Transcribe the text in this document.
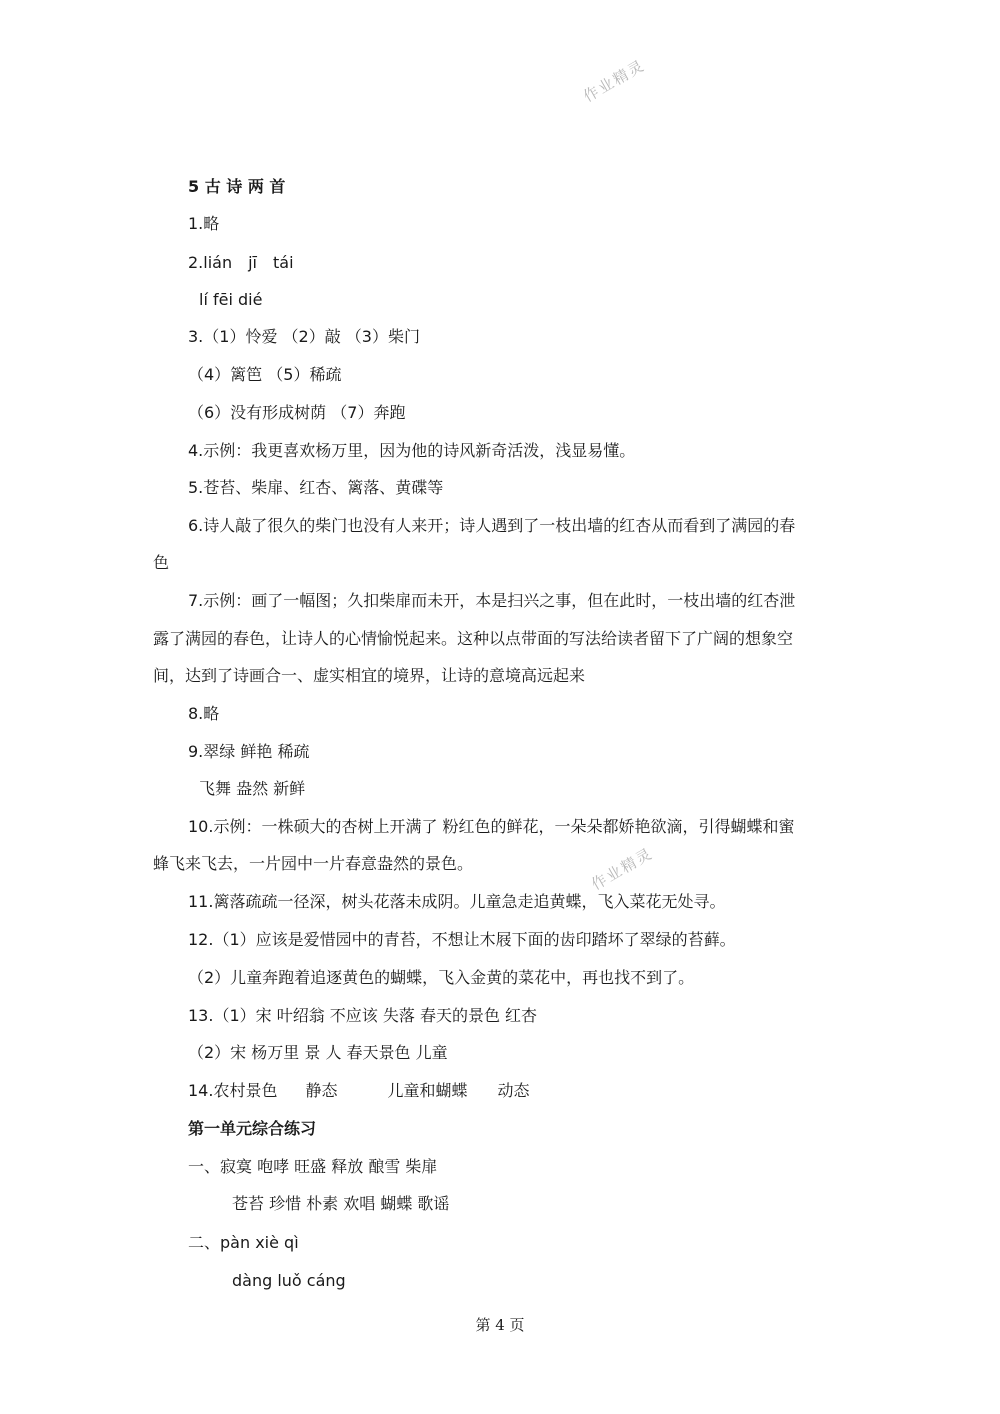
作业精灵
作业精灵
5 古 诗 两 首
1.略
2.lián jī tái
lí fēi dié
3.（1）怜爱 （2）敲 （3）柴门
（4）篱笆 （5）稀疏
（6）没有形成树荫 （7）奔跑
4.示例：我更喜欢杨万里，因为他的诗风新奇活泼，浅显易懂。
5.苍苔、柴扉、红杏、篱落、黄碟等
6.诗人敲了很久的柴门也没有人来开；诗人遇到了一枝出墙的红杏从而看到了满园的春
色
7.示例：画了一幅图；久扣柴扉而未开，本是扫兴之事，但在此时，一枝出墙的红杏泄
露了满园的春色，让诗人的心情愉悦起来。这种以点带面的写法给读者留下了广阔的想象空
间，达到了诗画合一、虚实相宜的境界，让诗的意境高远起来
8.略
9.翠绿 鲜艳 稀疏
飞舞 盎然 新鲜
10.示例：一株硕大的杏树上开满了 粉红色的鲜花，一朵朵都娇艳欲滴，引得蝴蝶和蜜
蜂飞来飞去，一片园中一片春意盎然的景色。
11.篱落疏疏一径深，树头花落未成阴。儿童急走追黄蝶，飞入菜花无处寻。
12.（1）应该是爱惜园中的青苔，不想让木屐下面的齿印踏坏了翠绿的苔藓。
（2）儿童奔跑着追逐黄色的蝴蝶，飞入金黄的菜花中，再也找不到了。
13.（1）宋 叶绍翁 不应该 失落 春天的景色 红杏
（2）宋 杨万里 景 人 春天景色 儿童
14.农村景色 静态	儿童和蝴蝶 动态
第一单元综合练习
一、寂寞 咆哮 旺盛 释放 酿雪 柴扉
苍苔 珍惜 朴素 欢唱 蝴蝶 歌谣
二、pàn xiè qì
dàng luǒ cáng
第 4 页
